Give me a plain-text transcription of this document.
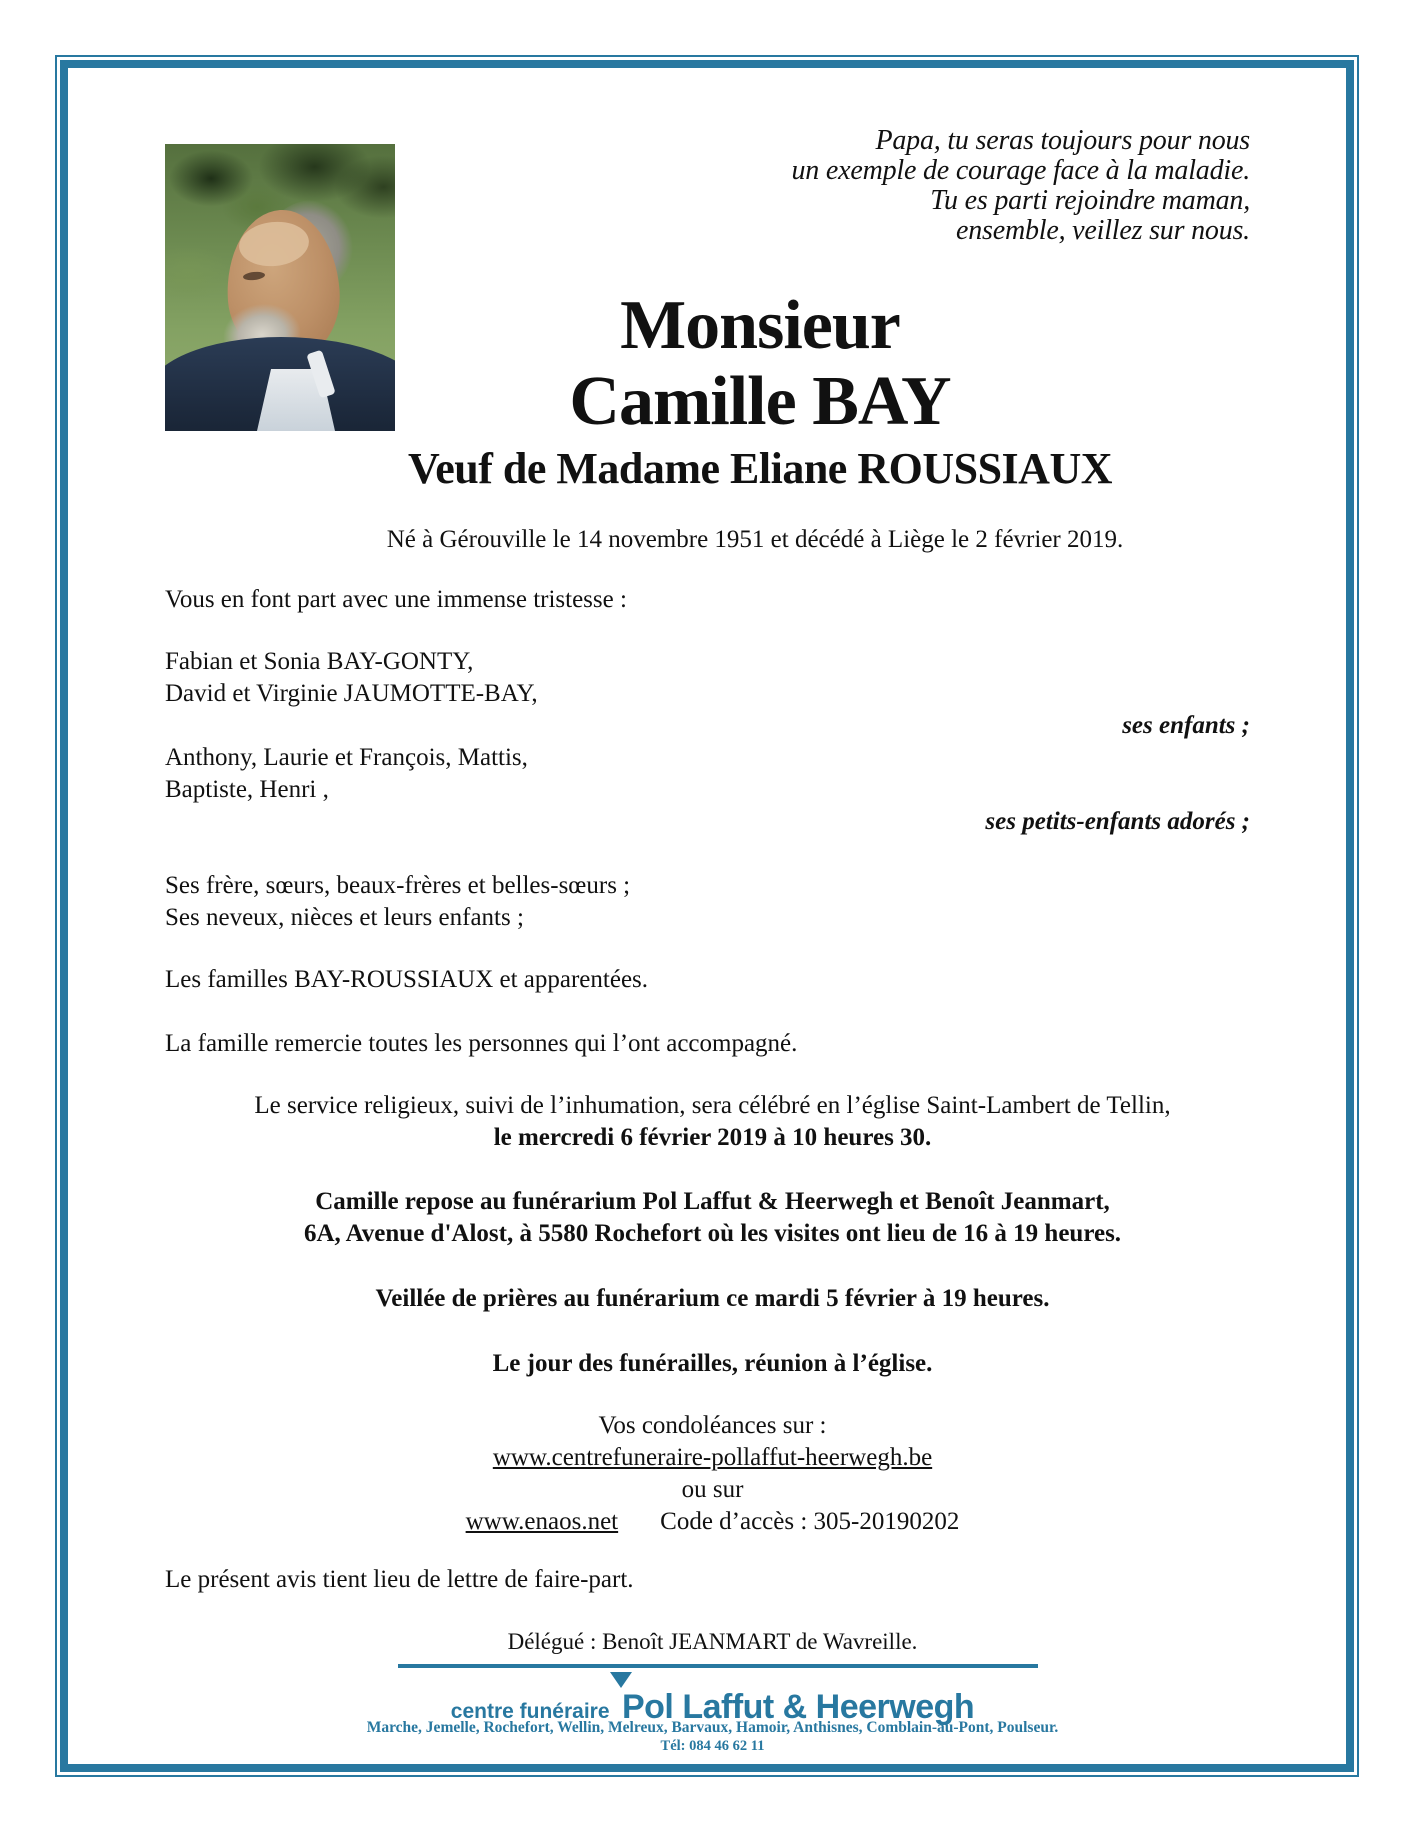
Papa, tu seras toujours pour nous
un exemple de courage face à la maladie.
Tu es parti rejoindre maman,
ensemble, veillez sur nous.
Monsieur
Camille BAY
Veuf de Madame Eliane ROUSSIAUX
Né à Gérouville le 14 novembre 1951 et décédé à Liège le 2 février 2019.
Vous en font part avec une immense tristesse :
Fabian et Sonia BAY-GONTY,
David et Virginie JAUMOTTE-BAY,
ses enfants ;
Anthony, Laurie et François, Mattis,
Baptiste, Henri ,
ses petits-enfants adorés ;
Ses frère, sœurs, beaux-frères et belles-sœurs ;
Ses neveux, nièces et leurs enfants ;
Les familles BAY-ROUSSIAUX et apparentées.
La famille remercie toutes les personnes qui l’ont accompagné.
Le service religieux, suivi de l’inhumation, sera célébré en l’église Saint-Lambert de Tellin,
le mercredi 6 février 2019 à 10 heures 30.
Camille repose au funérarium Pol Laffut & Heerwegh et Benoît Jeanmart,
6A, Avenue d'Alost, à 5580 Rochefort où les visites ont lieu de 16 à 19 heures.
Veillée de prières au funérarium ce mardi 5 février à 19 heures.
Le jour des funérailles, réunion à l’église.
Vos condoléances sur :
www.centrefuneraire-pollaffut-heerwegh.be
ou sur
www.enaos.net Code d’accès : 305-20190202
Le présent avis tient lieu de lettre de faire-part.
Délégué : Benoît JEANMART de Wavreille.
centre funéraire Pol Laffut & Heerwegh
Marche, Jemelle, Rochefort, Wellin, Melreux, Barvaux, Hamoir, Anthisnes, Comblain-au-Pont, Poulseur.
Tél: 084 46 62 11
